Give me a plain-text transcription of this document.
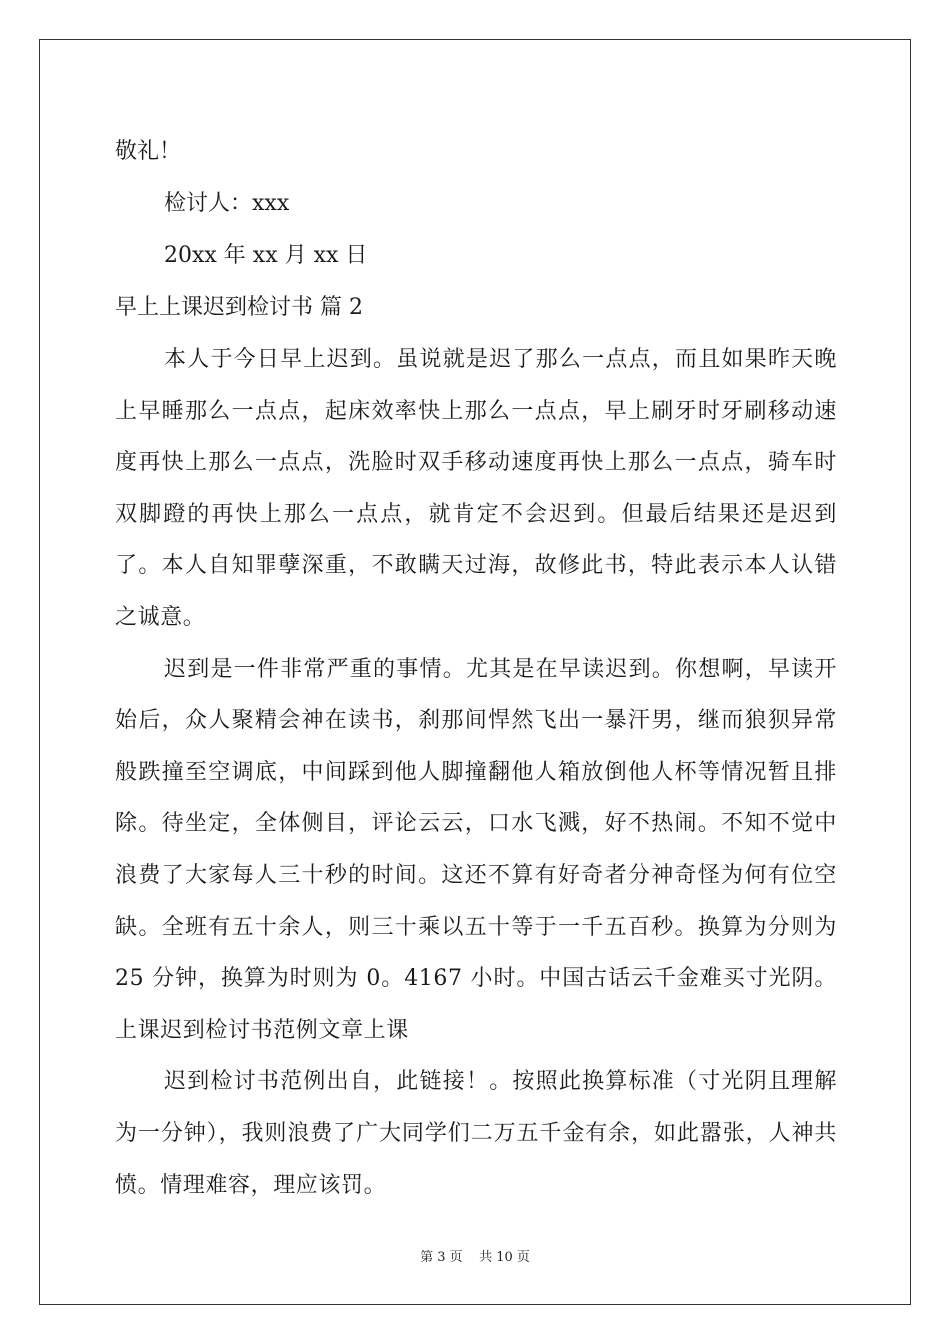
敬礼！
检讨人：xxx
20xx 年 xx 月 xx 日
早上上课迟到检讨书 篇 2

本人于今日早上迟到。虽说就是迟了那么一点点，而且如果昨天晚上早睡那么一点点，起床效率快上那么一点点，早上刷牙时牙刷移动速度再快上那么一点点，洗脸时双手移动速度再快上那么一点点，骑车时双脚蹬的再快上那么一点点，就肯定不会迟到。但最后结果还是迟到了。本人自知罪孽深重，不敢瞒天过海，故修此书，特此表示本人认错之诚意。

迟到是一件非常严重的事情。尤其是在早读迟到。你想啊，早读开始后，众人聚精会神在读书，刹那间悍然飞出一暴汗男，继而狼狈异常般跌撞至空调底，中间踩到他人脚撞翻他人箱放倒他人杯等情况暂且排除。待坐定，全体侧目，评论云云，口水飞溅，好不热闹。不知不觉中浪费了大家每人三十秒的时间。这还不算有好奇者分神奇怪为何有位空缺。全班有五十余人，则三十乘以五十等于一千五百秒。换算为分则为 25 分钟，换算为时则为 0。4167 小时。中国古话云千金难买寸光阴。上课迟到检讨书范例文章上课

迟到检讨书范例出自，此链接！。按照此换算标准（寸光阴且理解为一分钟），我则浪费了广大同学们二万五千金有余，如此嚣张，人神共愤。情理难容，理应该罚。

第 3 页    共 10 页
